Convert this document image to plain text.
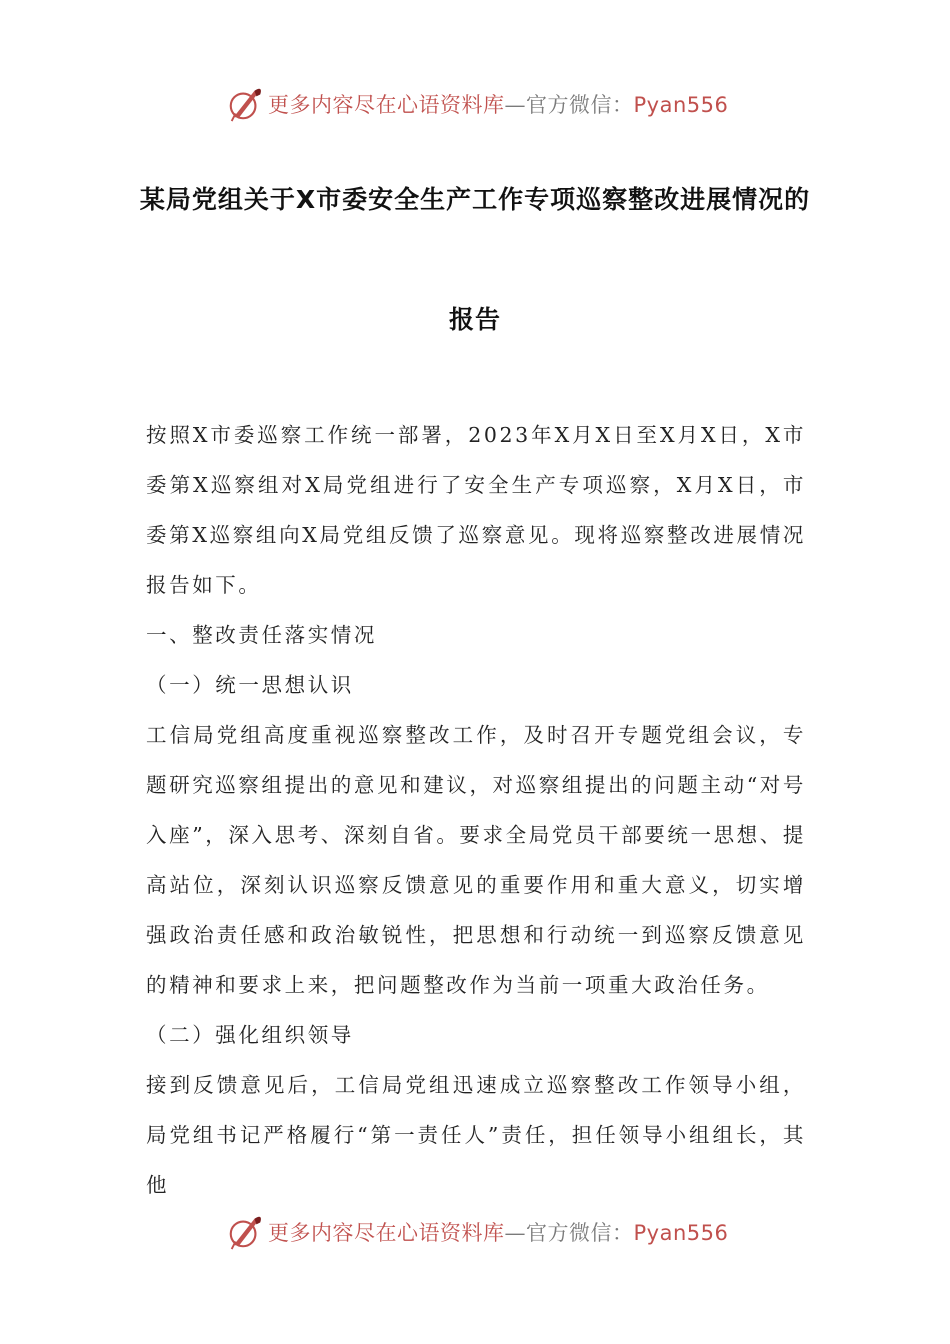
更多内容尽在心语资料库—官方微信：Pyan556
某局党组关于X市委安全生产工作专项巡察整改进展情况的
报告

按照X市委巡察工作统一部署，2023年X月X日至X月X日，X市委第X巡察组对X局党组进行了安全生产专项巡察，X月X日，市委第X巡察组向X局党组反馈了巡察意见。现将巡察整改进展情况报告如下。

一、整改责任落实情况

（一）统一思想认识

工信局党组高度重视巡察整改工作，及时召开专题党组会议，专题研究巡察组提出的意见和建议，对巡察组提出的问题主动“对号入座”，深入思考、深刻自省。要求全局党员干部要统一思想、提高站位，深刻认识巡察反馈意见的重要作用和重大意义，切实增强政治责任感和政治敏锐性，把思想和行动统一到巡察反馈意见的精神和要求上来，把问题整改作为当前一项重大政治任务。

（二）强化组织领导

接到反馈意见后，工信局党组迅速成立巡察整改工作领导小组，局党组书记严格履行“第一责任人”责任，担任领导小组组长，其他

更多内容尽在心语资料库—官方微信：Pyan556
